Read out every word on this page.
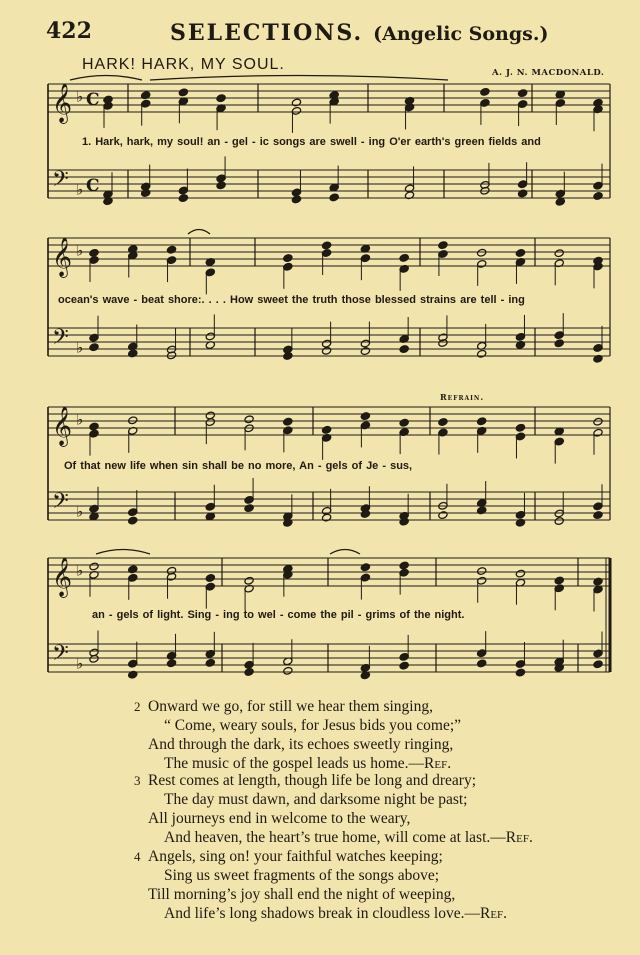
422	SELECTIONS. (Angelic Songs.)
HARK! HARK, MY SOUL.	A. J. N. MACDONALD.
Refrain.
𝄞 ♭ C
𝄢 ♭ C
𝄞 ♭
𝄢 ♭
𝄞 ♭
𝄢 ♭
𝄞 ♭
𝄢 ♭
1. Hark, hark, my soul! an - gel - ic songs are swell - ing O'er earth's green fields and
ocean's wave - beat shore:. . . . How sweet the truth those blessed strains are tell - ing
Of that new life when sin shall be no more, An - gels of Je - sus,
an - gels of light. Sing - ing to wel - come the pil - grims of the night.
2 Onward we go, for still we hear them singing,
“ Come, weary souls, for Jesus bids you come;”
And through the dark, its echoes sweetly ringing,
The music of the gospel leads us home.—Ref.
3 Rest comes at length, though life be long and dreary;
The day must dawn, and darksome night be past;
All journeys end in welcome to the weary,
And heaven, the heart’s true home, will come at last.—Ref.
4 Angels, sing on! your faithful watches keeping;
Sing us sweet fragments of the songs above;
Till morning’s joy shall end the night of weeping,
And life’s long shadows break in cloudless love.—Ref.
